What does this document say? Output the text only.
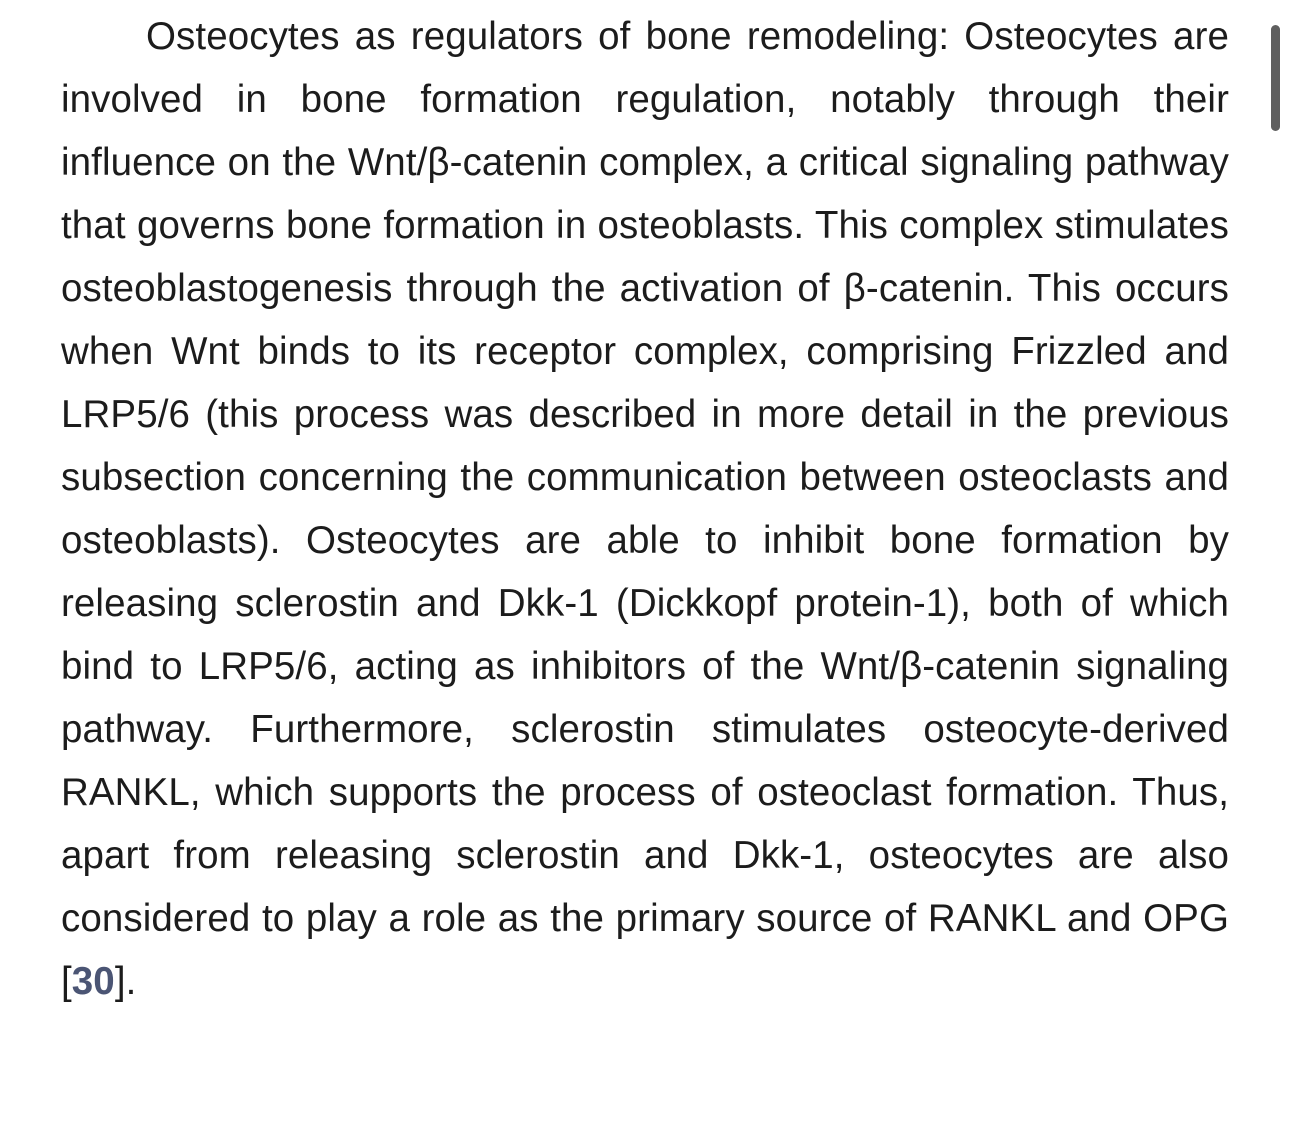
Osteocytes as regulators of bone remodeling: Osteocytes are involved in bone formation regulation, notably through their influence on the Wnt/β-catenin complex, a critical signaling pathway that governs bone formation in osteoblasts. This complex stimulates osteoblastogenesis through the activation of β-catenin. This occurs when Wnt binds to its receptor complex, comprising Frizzled and LRP5/6 (this process was described in more detail in the previous subsection concerning the communication between osteoclasts and osteoblasts). Osteocytes are able to inhibit bone formation by releasing sclerostin and Dkk-1 (Dickkopf protein-1), both of which bind to LRP5/6, acting as inhibitors of the Wnt/β-catenin signaling pathway. Furthermore, sclerostin stimulates osteocyte-derived RANKL, which supports the process of osteoclast formation. Thus, apart from releasing sclerostin and Dkk-1, osteocytes are also considered to play a role as the primary source of RANKL and OPG [30].
